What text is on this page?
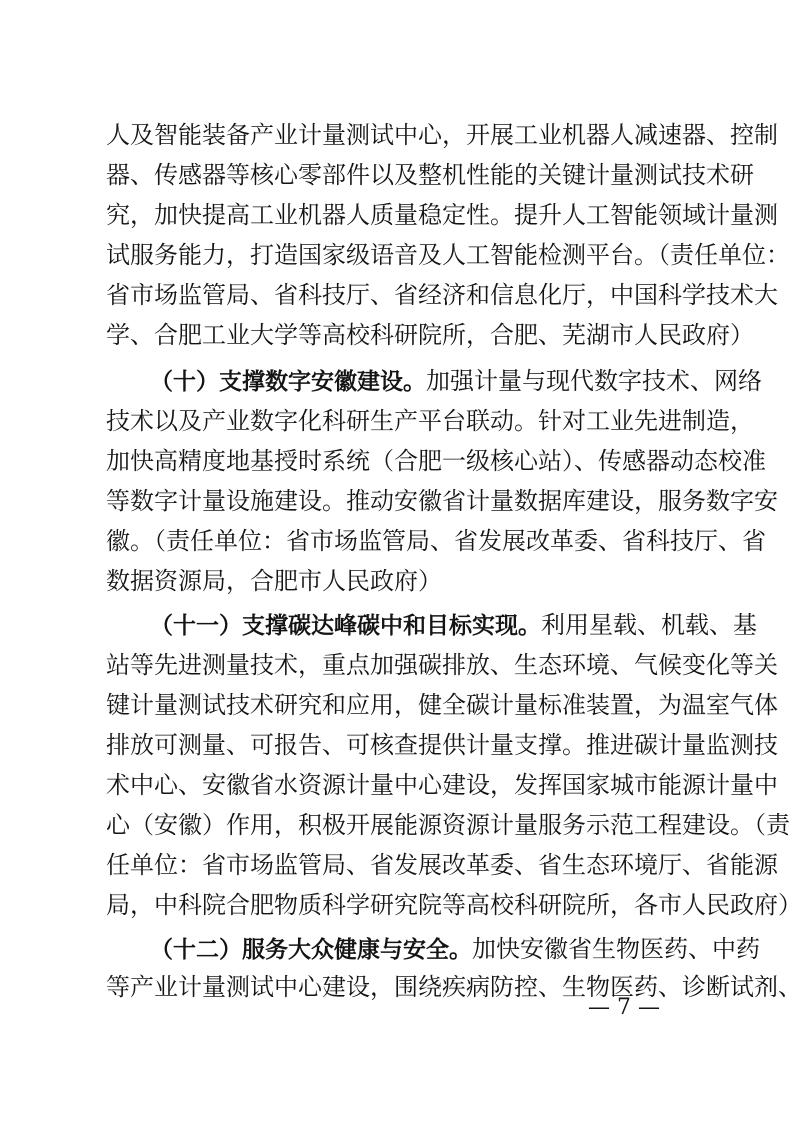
人及智能装备产业计量测试中心，开展工业机器人减速器、控制
器、传感器等核心零部件以及整机性能的关键计量测试技术研
究，加快提高工业机器人质量稳定性。提升人工智能领域计量测
试服务能力，打造国家级语音及人工智能检测平台。（责任单位：
省市场监管局、省科技厅、省经济和信息化厅，中国科学技术大
学、合肥工业大学等高校科研院所，合肥、芜湖市人民政府）
（十）支撑数字安徽建设。加强计量与现代数字技术、网络
技术以及产业数字化科研生产平台联动。针对工业先进制造，
加快高精度地基授时系统（合肥一级核心站）、传感器动态校准
等数字计量设施建设。推动安徽省计量数据库建设，服务数字安
徽。（责任单位：省市场监管局、省发展改革委、省科技厅、省
数据资源局，合肥市人民政府）
（十一）支撑碳达峰碳中和目标实现。利用星载、机载、基
站等先进测量技术，重点加强碳排放、生态环境、气候变化等关
键计量测试技术研究和应用，健全碳计量标准装置，为温室气体
排放可测量、可报告、可核查提供计量支撑。推进碳计量监测技
术中心、安徽省水资源计量中心建设，发挥国家城市能源计量中
心（安徽）作用，积极开展能源资源计量服务示范工程建设。（责
任单位：省市场监管局、省发展改革委、省生态环境厅、省能源
局，中科院合肥物质科学研究院等高校科研院所，各市人民政府）
（十二）服务大众健康与安全。加快安徽省生物医药、中药
等产业计量测试中心建设，围绕疾病防控、生物医药、诊断试剂、
— 7 —
